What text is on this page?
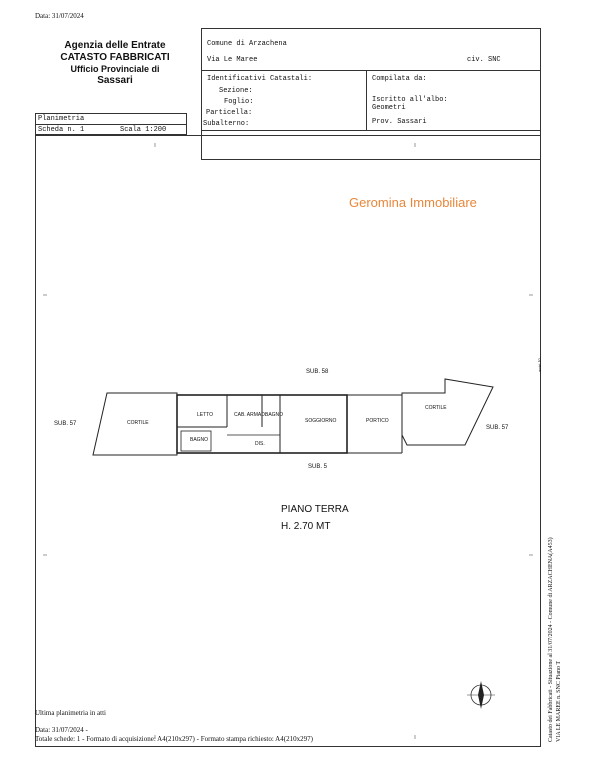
Data: 31/07/2024
Agenzia delle Entrate
CATASTO FABBRICATI
Ufficio Provinciale di
Sassari
Comune di Arzachena
Via Le Maree	civ. SNC
Identificativi Catastali:
Sezione:
Foglio:
Particella:
Subalterno:
Compilata da:
Iscritto all'albo:
Geometri
Prov. Sassari
Planimetria
Scheda n. 1	Scala 1:200
Geromina Immobiliare
SUB. 58
SUB. 57
SUB. 57
SUB. 5
CORTILE
CORTILE
LETTO	CAB. ARMAD.
BAGNO
BAGNO
SOGGIORNO	PORTICO
DIS.
PIANO TERRA
H. 2.70 MT
Catasto dei Fabbricati - Situazione al 31/07/2024 - Comune di ARZACHENA(A453) VIA LE MAREE n. SNC Piano T
metri 10
Ultima planimetria in atti
Data: 31/07/2024 -
Totale schede: 1 - Formato di acquisizione: A4(210x297) - Formato stampa richiesto: A4(210x297)
